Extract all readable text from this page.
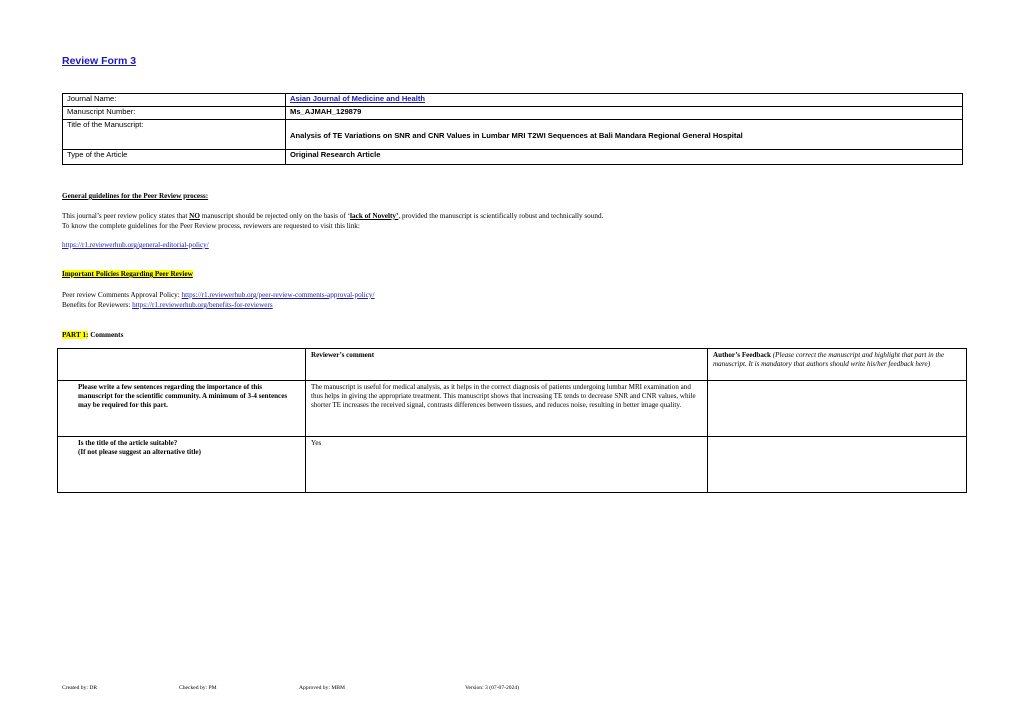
Review Form 3
Journal Name:	Asian Journal of Medicine and Health
Manuscript Number:	Ms_AJMAH_129879
Title of the Manuscript:	Analysis of TE Variations on SNR and CNR Values in Lumbar MRI T2WI Sequences at Bali Mandara Regional General Hospital
Type of the Article	Original Research Article
General guidelines for the Peer Review process:
This journal’s peer review policy states that NO manuscript should be rejected only on the basis of ‘lack of Novelty’, provided the manuscript is scientifically robust and technically sound.
To know the complete guidelines for the Peer Review process, reviewers are requested to visit this link:
https://r1.reviewerhub.org/general-editorial-policy/
Important Policies Regarding Peer Review
Peer review Comments Approval Policy: https://r1.reviewerhub.org/peer-review-comments-approval-policy/
Benefits for Reviewers: https://r1.reviewerhub.org/benefits-for-reviewers
PART 1: Comments
	Reviewer’s comment	Author’s Feedback (Please correct the manuscript and highlight that part in the manuscript. It is mandatory that authors should write his/her feedback here)
Please write a few sentences regarding the importance of this manuscript for the scientific community. A minimum of 3-4 sentences may be required for this part.	The manuscript is useful for medical analysis, as it helps in the correct diagnosis of patients undergoing lumbar MRI examination and thus helps in giving the appropriate treatment. This manuscript shows that increasing TE tends to decrease SNR and CNR values, while shorter TE increases the received signal, contrasts differences between tissues, and reduces noise, resulting in better image quality.	

Is the title of the article suitable?
(If not please suggest an alternative title)	Yes	
Created by: DR	Checked by: PM	Approved by: MBM	Version: 3 (07-07-2024)
